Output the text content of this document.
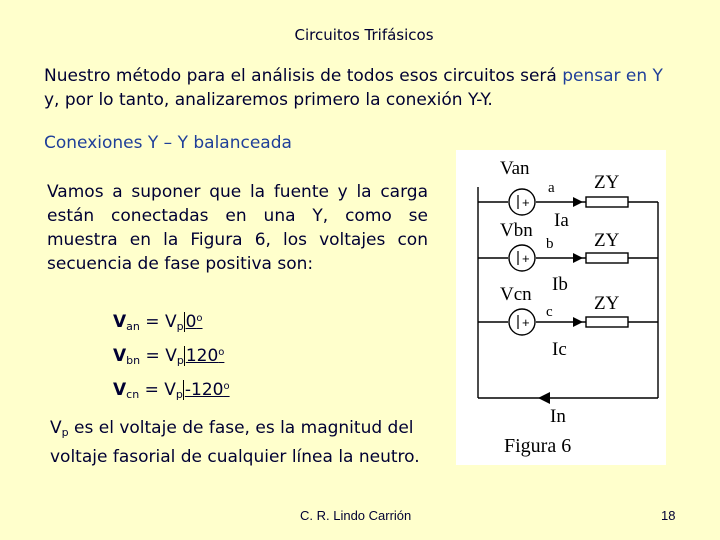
Circuitos Trifásicos
Nuestro método para el análisis de todos esos circuitos será pensar en Y y, por lo tanto, analizaremos primero la conexión Y-Y.
Conexiones Y – Y balanceada
Vamos a suponer que la fuente y la carga están conectadas en una Y, como se muestra en la Figura 6, los voltajes con secuencia de fase positiva son:
$V_{an} = V_p$ 0$^o$
$V_{bn} = V_p$ 120$^o$
$V_{cn} = V_p$ -120$^o$
$V_p$ es el voltaje de fase, es la magnitud del voltaje fasorial de cualquier línea la neutro.
+
+
+
Van
Vbn
Vcn
a
b
c
ZY
ZY
ZY
Ia
Ib
Ic
In
Figura 6
C. R. Lindo Carrión	18
